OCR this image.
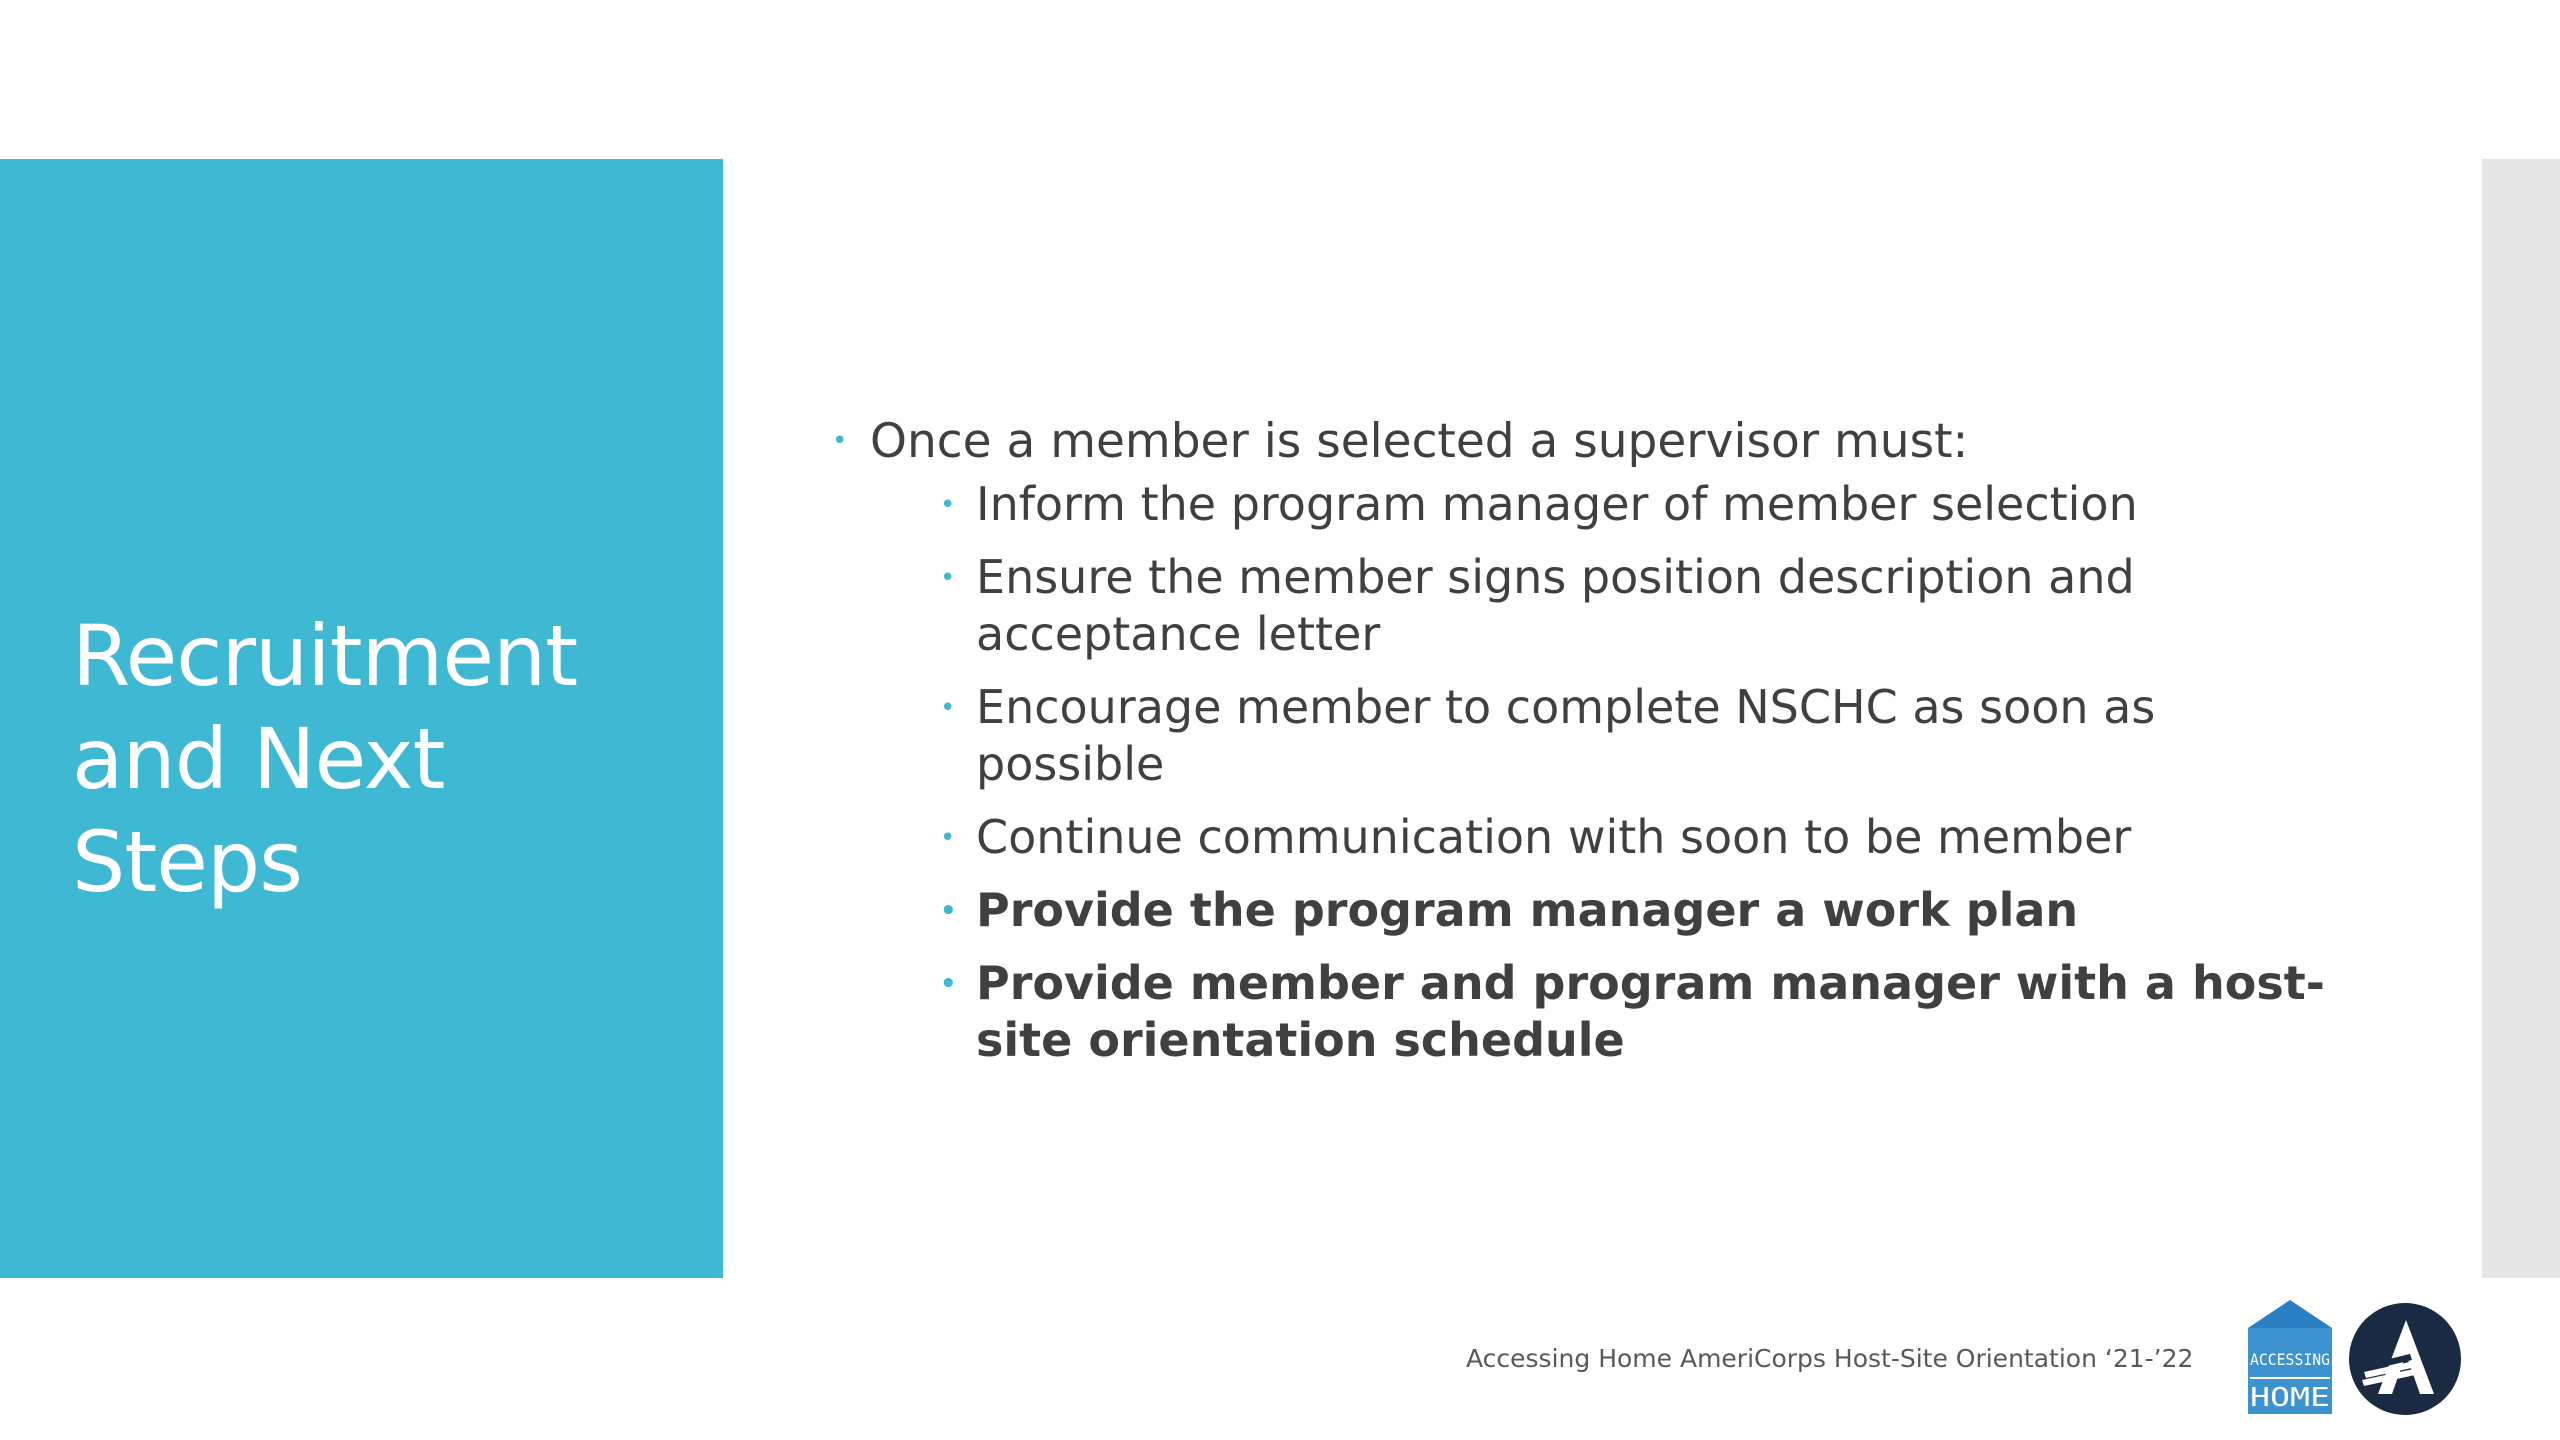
Recruitment
and Next Steps
• Once a member is selected a supervisor must:
• Inform the program manager of member selection
• Ensure the member signs position description and acceptance letter
• Encourage member to complete NSCHC as soon as possible
• Continue communication with soon to be member
• Provide the program manager a work plan
• Provide member and program manager with a host-site orientation schedule
Accessing Home AmeriCorps Host-Site Orientation ‘21-’22	ACCESSING
HOME
